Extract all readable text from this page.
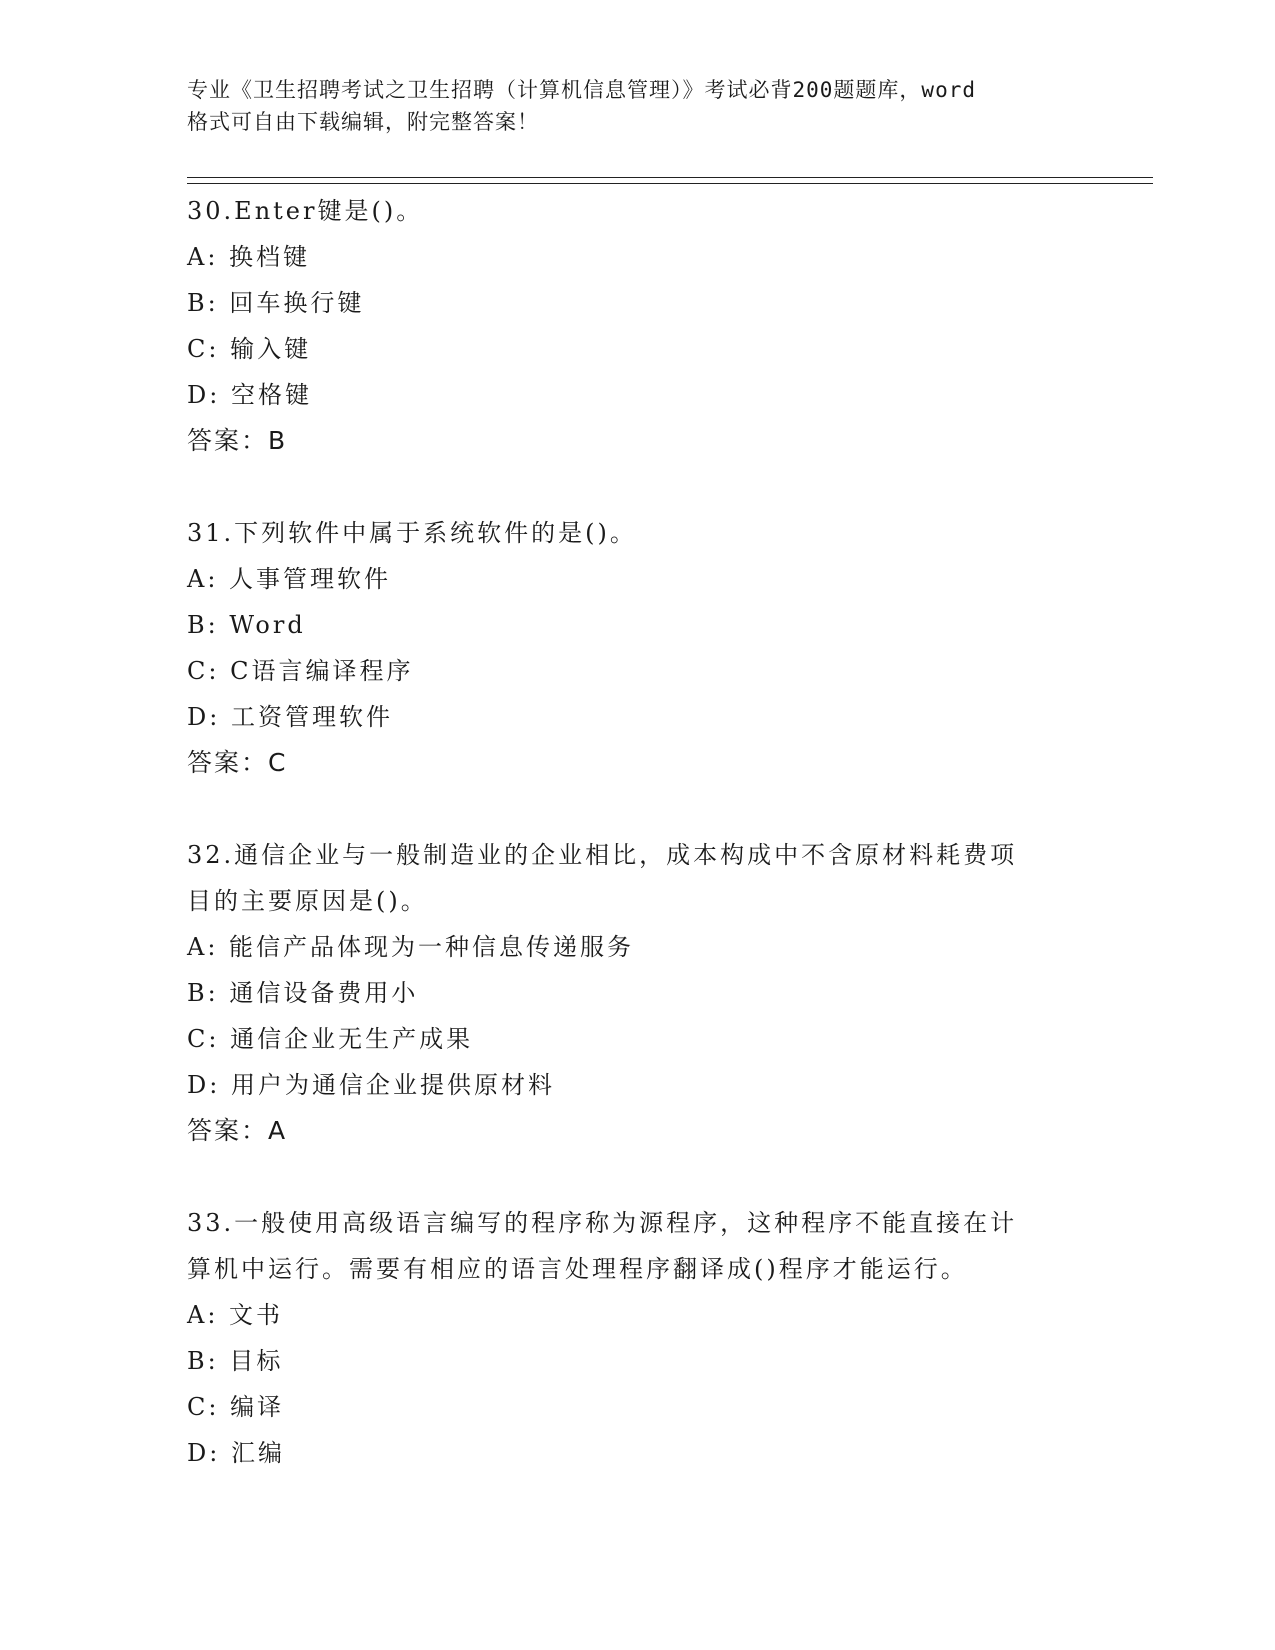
专业《卫生招聘考试之卫生招聘（计算机信息管理）》考试必背200题题库，word
格式可自由下载编辑，附完整答案！
30.Enter键是()。
A: 换档键
B: 回车换行键
C: 输入键
D: 空格键
答案：B
31.下列软件中属于系统软件的是()。
A: 人事管理软件
B: Word
C: C语言编译程序
D: 工资管理软件
答案：C
32.通信企业与一般制造业的企业相比，成本构成中不含原材料耗费项
目的主要原因是()。
A: 能信产品体现为一种信息传递服务
B: 通信设备费用小
C: 通信企业无生产成果
D: 用户为通信企业提供原材料
答案：A
33.一般使用高级语言编写的程序称为源程序，这种程序不能直接在计
算机中运行。需要有相应的语言处理程序翻译成()程序才能运行。
A: 文书
B: 目标
C: 编译
D: 汇编
